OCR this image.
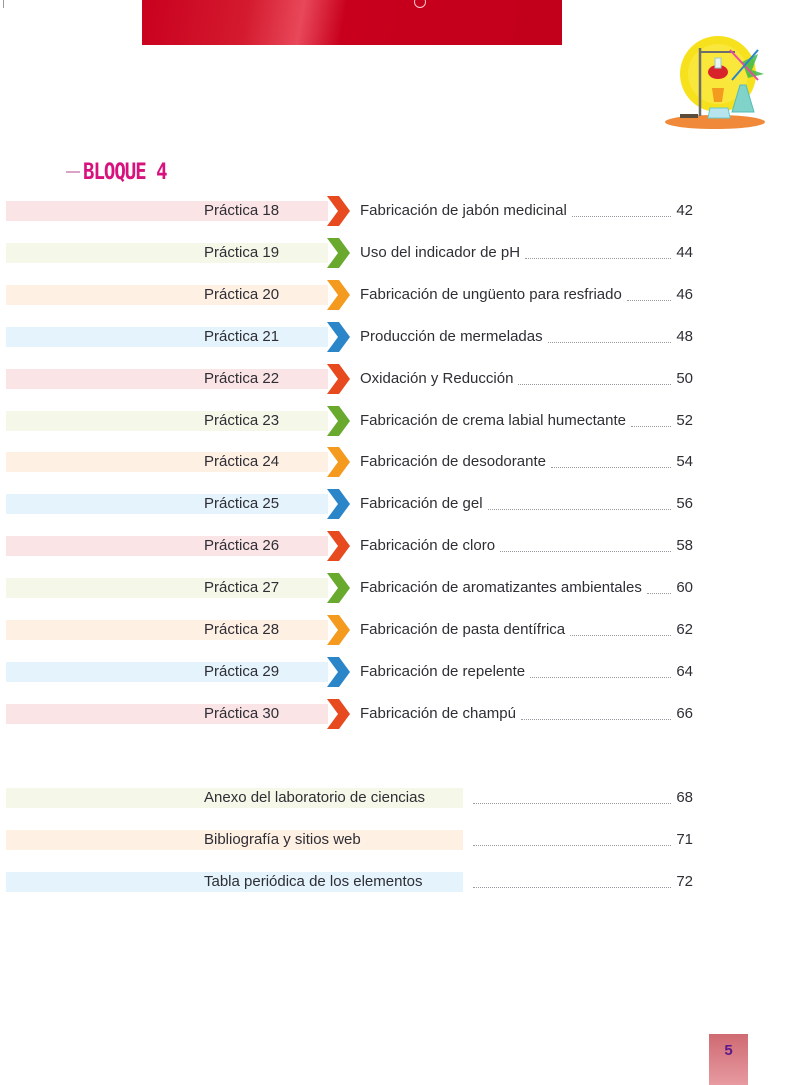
BLOQUE 4
Práctica 18	Fabricación de jabón medicinal	42
Práctica 19	Uso del indicador de pH	44
Práctica 20	Fabricación de ungüento para resfriado	46
Práctica 21	Producción de mermeladas	48
Práctica 22	Oxidación y Reducción	50
Práctica 23	Fabricación de crema labial humectante	52
Práctica 24	Fabricación de desodorante	54
Práctica 25	Fabricación de gel	56
Práctica 26	Fabricación de cloro	58
Práctica 27	Fabricación de aromatizantes ambientales 60
Práctica 28	Fabricación de pasta dentífrica	62
Práctica 29	Fabricación de repelente	64
Práctica 30	Fabricación de champú	66
Anexo del laboratorio de ciencias	68
Bibliografía y sitios web	71
Tabla periódica de los elementos	72
5
